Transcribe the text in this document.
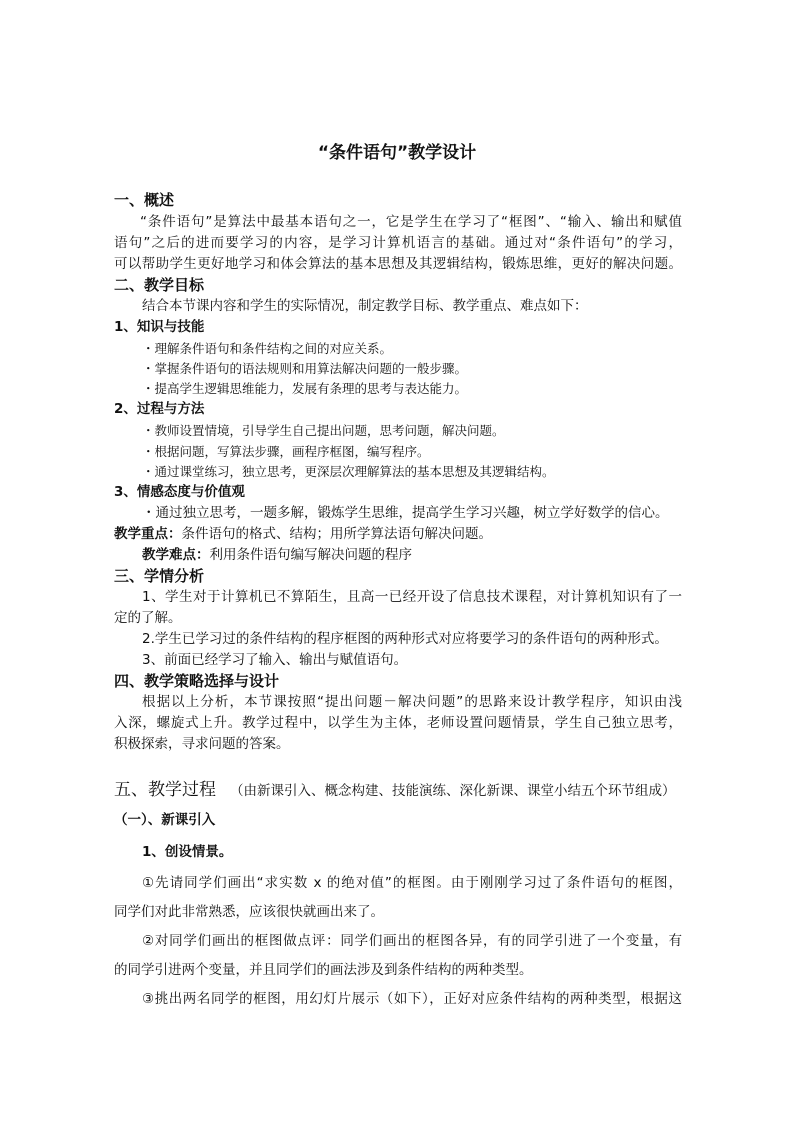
“条件语句”教学设计
一、概述
“条件语句”是算法中最基本语句之一，它是学生在学习了“框图”、“输入、输出和赋值
语句”之后的进而要学习的内容，是学习计算机语言的基础。通过对“条件语句”的学习，
可以帮助学生更好地学习和体会算法的基本思想及其逻辑结构，锻炼思维，更好的解决问题。
二、教学目标
结合本节课内容和学生的实际情况，制定教学目标、教学重点、难点如下：
1、知识与技能
・理解条件语句和条件结构之间的对应关系。
・掌握条件语句的语法规则和用算法解决问题的一般步骤。
・提高学生逻辑思维能力，发展有条理的思考与表达能力。
2、过程与方法
・教师设置情境，引导学生自己提出问题，思考问题，解决问题。
・根据问题，写算法步骤，画程序框图，编写程序。
・通过课堂练习，独立思考，更深层次理解算法的基本思想及其逻辑结构。
3、情感态度与价值观
・通过独立思考，一题多解，锻炼学生思维，提高学生学习兴趣，树立学好数学的信心。
教学重点：条件语句的格式、结构；用所学算法语句解决问题。
教学难点：利用条件语句编写解决问题的程序
三、学情分析
1、学生对于计算机已不算陌生，且高一已经开设了信息技术课程，对计算机知识有了一
定的了解。
2.学生已学习过的条件结构的程序框图的两种形式对应将要学习的条件语句的两种形式。
3、前面已经学习了输入、输出与赋值语句。
四、教学策略选择与设计
根据以上分析，本节课按照“提出问题－解决问题”的思路来设计教学程序，知识由浅
入深，螺旋式上升。教学过程中，以学生为主体，老师设置问题情景，学生自己独立思考，
积极探索，寻求问题的答案。
五、教学过程 （由新课引入、概念构建、技能演练、深化新课、课堂小结五个环节组成）
（一）、新课引入
1、创设情景。
①先请同学们画出“求实数 x 的绝对值”的框图。由于刚刚学习过了条件语句的框图，
同学们对此非常熟悉，应该很快就画出来了。
②对同学们画出的框图做点评：同学们画出的框图各异，有的同学引进了一个变量，有
的同学引进两个变量，并且同学们的画法涉及到条件结构的两种类型。
③挑出两名同学的框图，用幻灯片展示（如下），正好对应条件结构的两种类型，根据这
